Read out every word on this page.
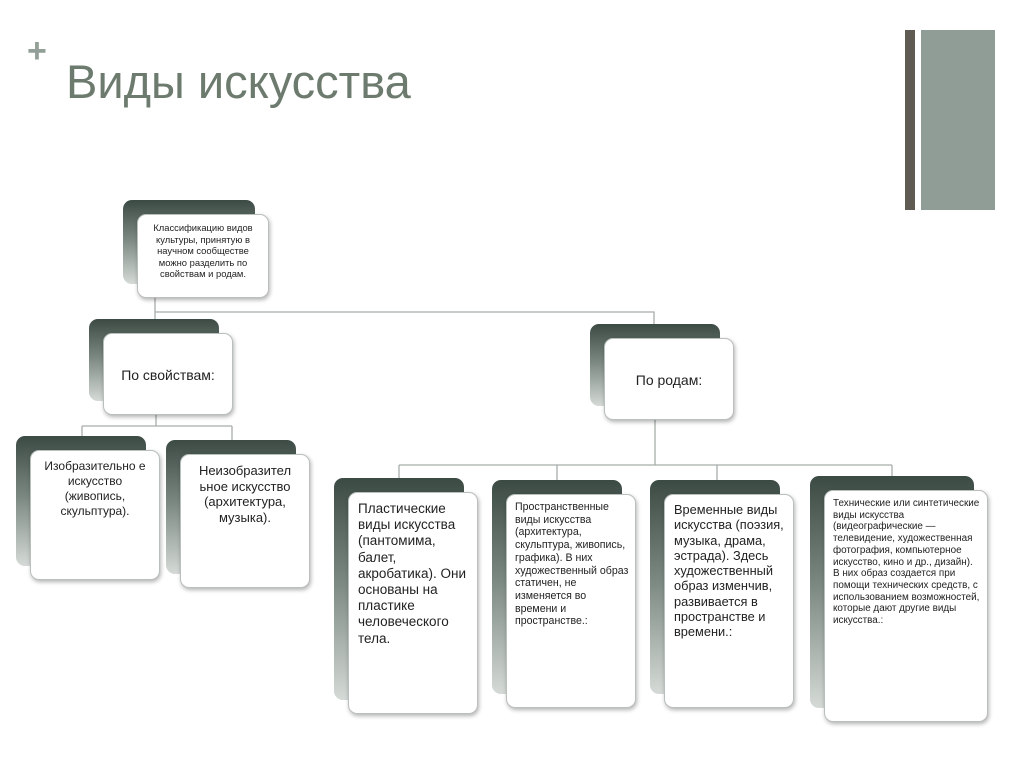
+
Виды искусства
Классификацию видов культуры, принятую в научном сообществе можно разделить по свойствам и родам.
По свойствам:	По родам:
Изобразительно е искусство (живопись, скульптура).
Неизобразител ьное искусство (архитектура, музыка).
Пластические виды искусства (пантомима, балет, акробатика). Они основаны на пластике человеческого тела.
Пространственные виды искусства (архитектура, скульптура, живопись, графика). В них художественный образ статичен, не изменяется во времени и пространстве.:
Временные виды искусства (поэзия, музыка, драма, эстрада). Здесь художественный образ изменчив, развивается в пространстве и времени.:
Технические или синтетические виды искусства (видеографические — телевидение, художественная фотография, компьютерное искусство, кино и др., дизайн). В них образ создается при помощи технических средств, с использованием возможностей, которые дают другие виды искусства.:
